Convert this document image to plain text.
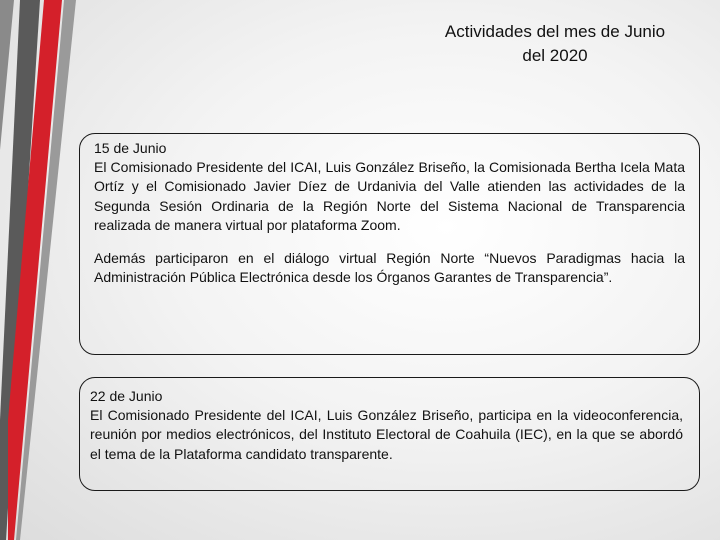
Actividades del mes de Junio
del 2020

15 de Junio

El Comisionado Presidente del ICAI, Luis González Briseño, la Comisionada Bertha Icela Mata Ortíz y el Comisionado Javier Díez de Urdanivia del Valle atienden las actividades de la Segunda Sesión Ordinaria de la Región Norte del Sistema Nacional de Transparencia realizada de manera virtual por plataforma Zoom.

Además participaron en el diálogo virtual Región Norte “Nuevos Paradigmas hacia la Administración Pública Electrónica desde los Órganos Garantes de Transparencia”.

22 de Junio

El Comisionado Presidente del ICAI, Luis González Briseño, participa en la videoconferencia, reunión por medios electrónicos, del Instituto Electoral de Coahuila (IEC), en la que se abordó el tema de la Plataforma candidato transparente.
